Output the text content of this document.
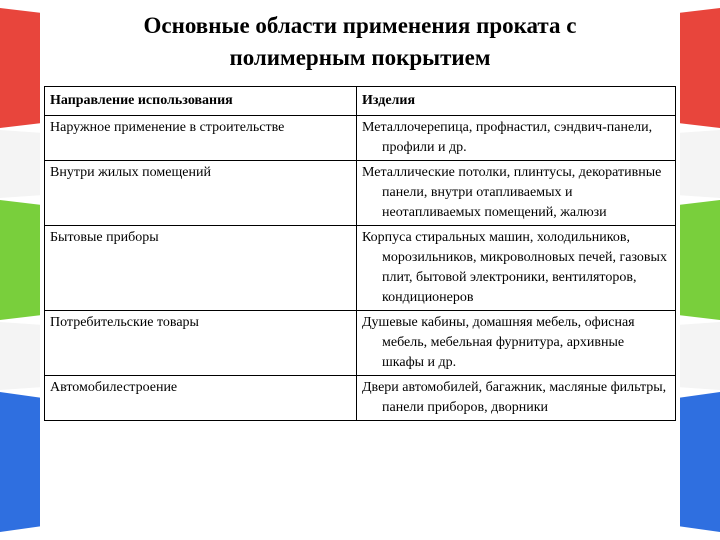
Основные области применения проката с
полимерным покрытием
Направление использования	Изделия
Наружное применение в строительстве	Металлочерепица, профнастил, сэндвич-панели, профили и др.
Внутри жилых помещений	Металлические потолки, плинтусы, декоративные панели, внутри отапливаемых и неотапливаемых помещений, жалюзи
Бытовые приборы	Корпуса стиральных машин, холодильников, морозильников, микроволновых печей, газовых плит, бытовой электроники, вентиляторов, кондиционеров
Потребительские товары	Душевые кабины, домашняя мебель, офисная мебель, мебельная фурнитура, архивные шкафы и др.
Автомобилестроение	Двери автомобилей, багажник, масляные фильтры, панели приборов, дворники
